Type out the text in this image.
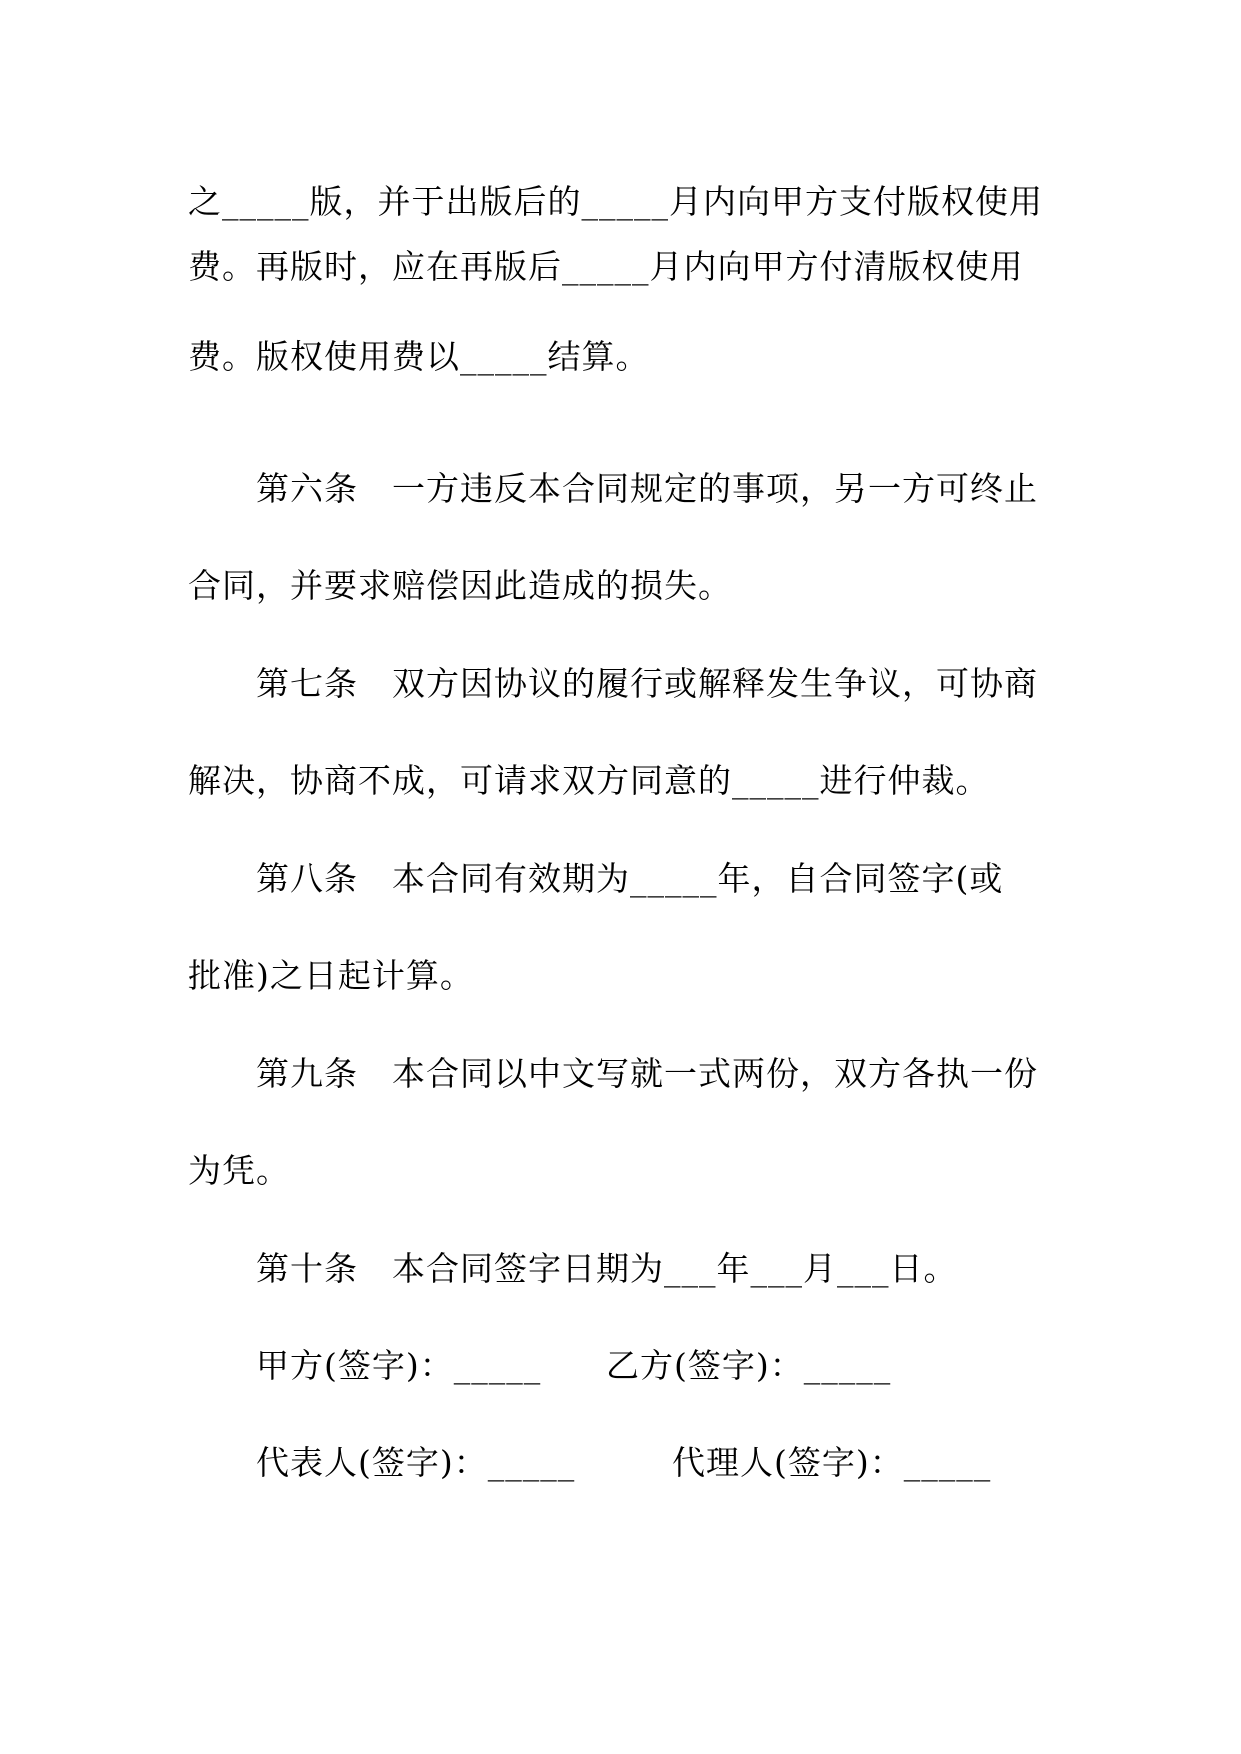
之_____版，并于出版后的_____月内向甲方支付版权使用
费。再版时，应在再版后_____月内向甲方付清版权使用
费。版权使用费以_____结算。
第六条　一方违反本合同规定的事项，另一方可终止
合同，并要求赔偿因此造成的损失。
第七条　双方因协议的履行或解释发生争议，可协商
解决，协商不成，可请求双方同意的_____进行仲裁。
第八条　本合同有效期为_____年，自合同签字(或
批准)之日起计算。
第九条　本合同以中文写就一式两份，双方各执一份
为凭。
第十条　本合同签字日期为___年___月___日。
甲方(签字)：_____ 乙方(签字)：_____
代表人(签字)：_____	代理人(签字)：_____
